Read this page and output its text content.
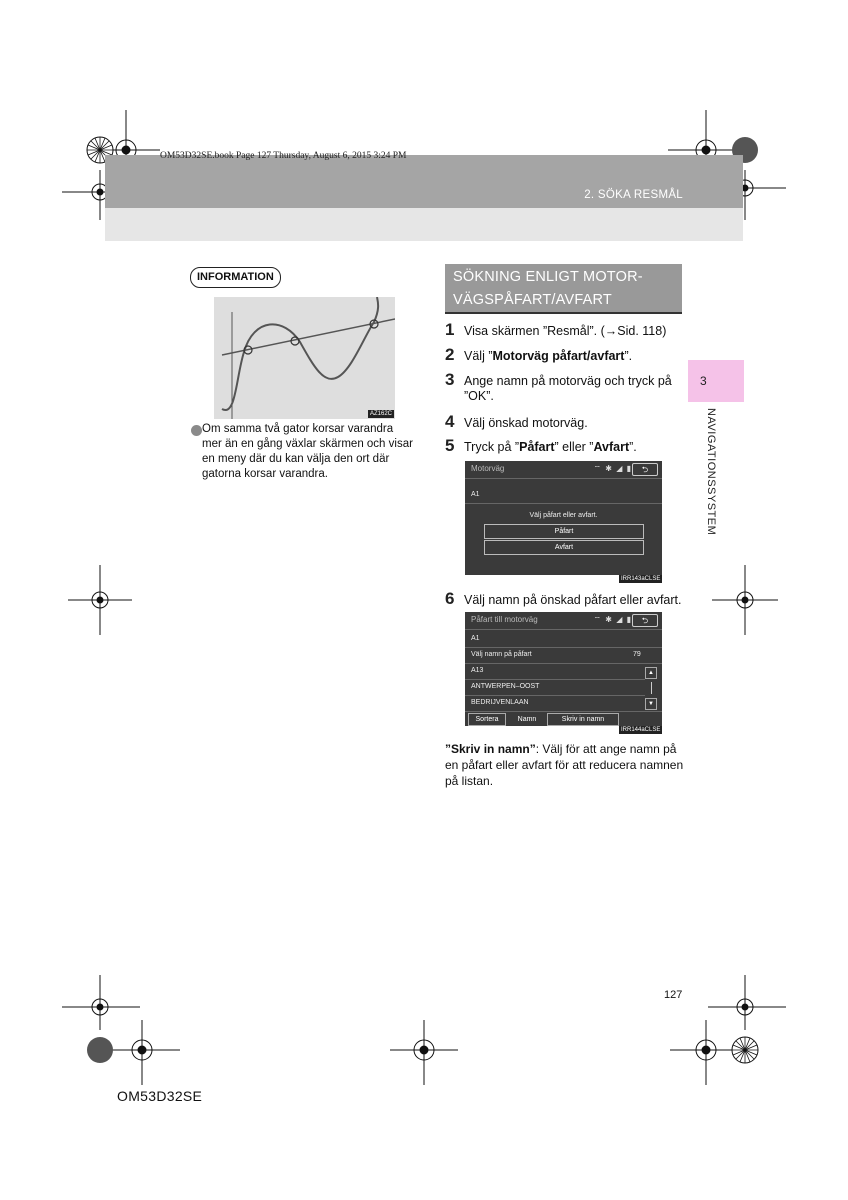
OM53D32SE.book Page 127 Thursday, August 6, 2015 3:24 PM
2. SÖKA RESMÅL
INFORMATION
AZ162C
Om samma två gator korsar varandra
mer än en gång växlar skärmen och visar
en meny där du kan välja den ort där
gatorna korsar varandra.
SÖKNING ENLIGT MOTOR-
VÄGSPÅFART/AVFART
1 Visa skärmen ”Resmål”. (→Sid. 118)
2 Välj ”Motorväg påfart/avfart”.
3 Ange namn på motorväg och tryck på
”OK”.
4 Välj önskad motorväg.
5 Tryck på ”Påfart” eller ”Avfart”.
Motorväg	⌔ ✱ ◢ ▮	⮌
A1
Välj påfart eller avfart.
Påfart
Avfart
IRR143aCLSE
6 Välj namn på önskad påfart eller avfart.
Påfart till motorväg	⌔ ✱ ◢ ▮	⮌
A1
Välj namn på påfart	79
A13
ANTWERPEN–OOST
BEDRIJVENLAAN
▲
▼
Sortera	Namn	Skriv in namn
IRR144aCLSE
”Skriv in namn”: Välj för att ange namn på
en påfart eller avfart för att reducera namnen
på listan.
3
NAVIGATIONSSYSTEM
127
OM53D32SE
